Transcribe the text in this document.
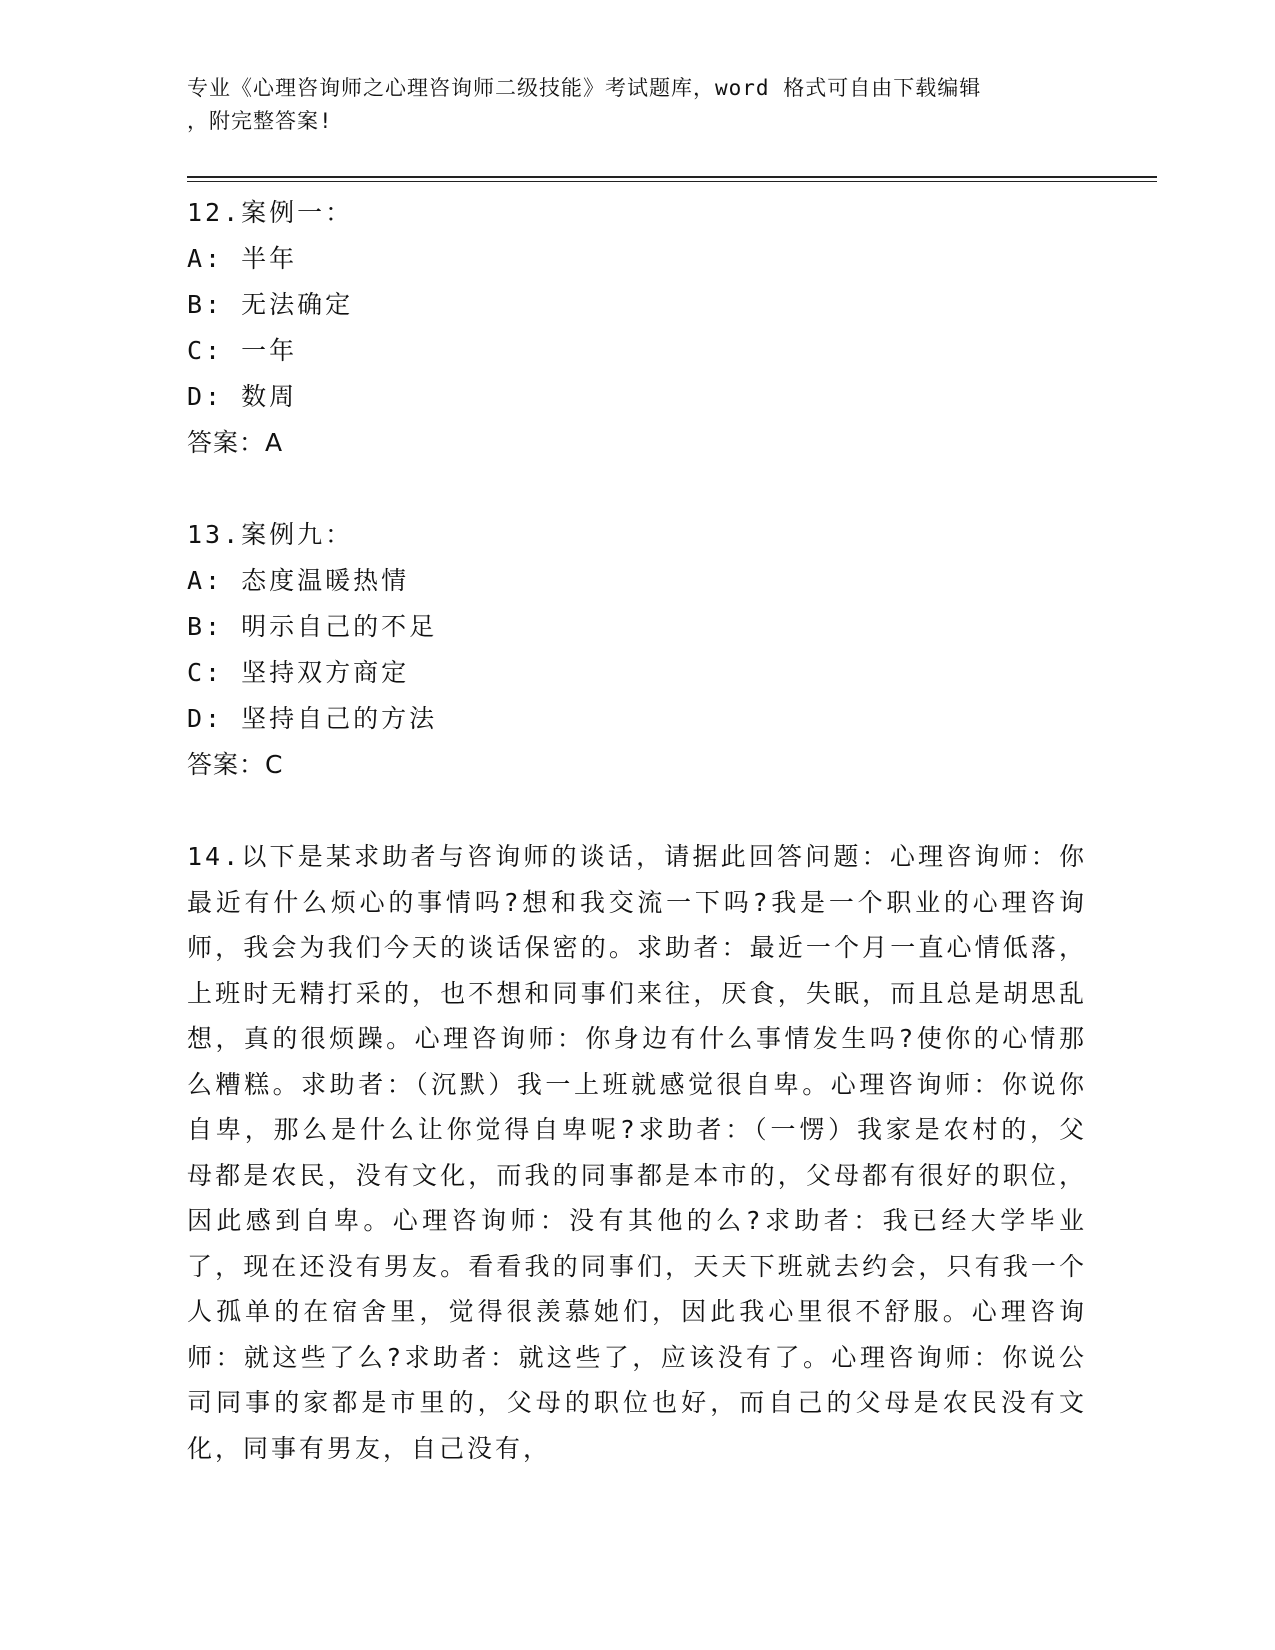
专业《心理咨询师之心理咨询师二级技能》考试题库，word 格式可自由下载编辑

，附完整答案!

12.案例一：
A: 半年
B: 无法确定
C: 一年
D: 数周
答案：A
13.案例九：
A: 态度温暖热情
B: 明示自己的不足
C: 坚持双方商定
D: 坚持自己的方法
答案：C

14.以下是某求助者与咨询师的谈话，请据此回答问题：心理咨询师：你最近有什么烦心的事情吗?想和我交流一下吗?我是一个职业的心理咨询师，我会为我们今天的谈话保密的。求助者：最近一个月一直心情低落，上班时无精打采的，也不想和同事们来往，厌食，失眠，而且总是胡思乱想，真的很烦躁。心理咨询师：你身边有什么事情发生吗?使你的心情那么糟糕。求助者：（沉默）我一上班就感觉很自卑。心理咨询师：你说你自卑，那么是什么让你觉得自卑呢?求助者：（一愣）我家是农村的，父母都是农民，没有文化，而我的同事都是本市的，父母都有很好的职位，因此感到自卑。心理咨询师：没有其他的么?求助者：我已经大学毕业了，现在还没有男友。看看我的同事们，天天下班就去约会，只有我一个人孤单的在宿舍里，觉得很羡慕她们，因此我心里很不舒服。心理咨询师：就这些了么?求助者：就这些了，应该没有了。心理咨询师：你说公司同事的家都是市里的，父母的职位也好，而自己的父母是农民没有文化，同事有男友，自己没有，
